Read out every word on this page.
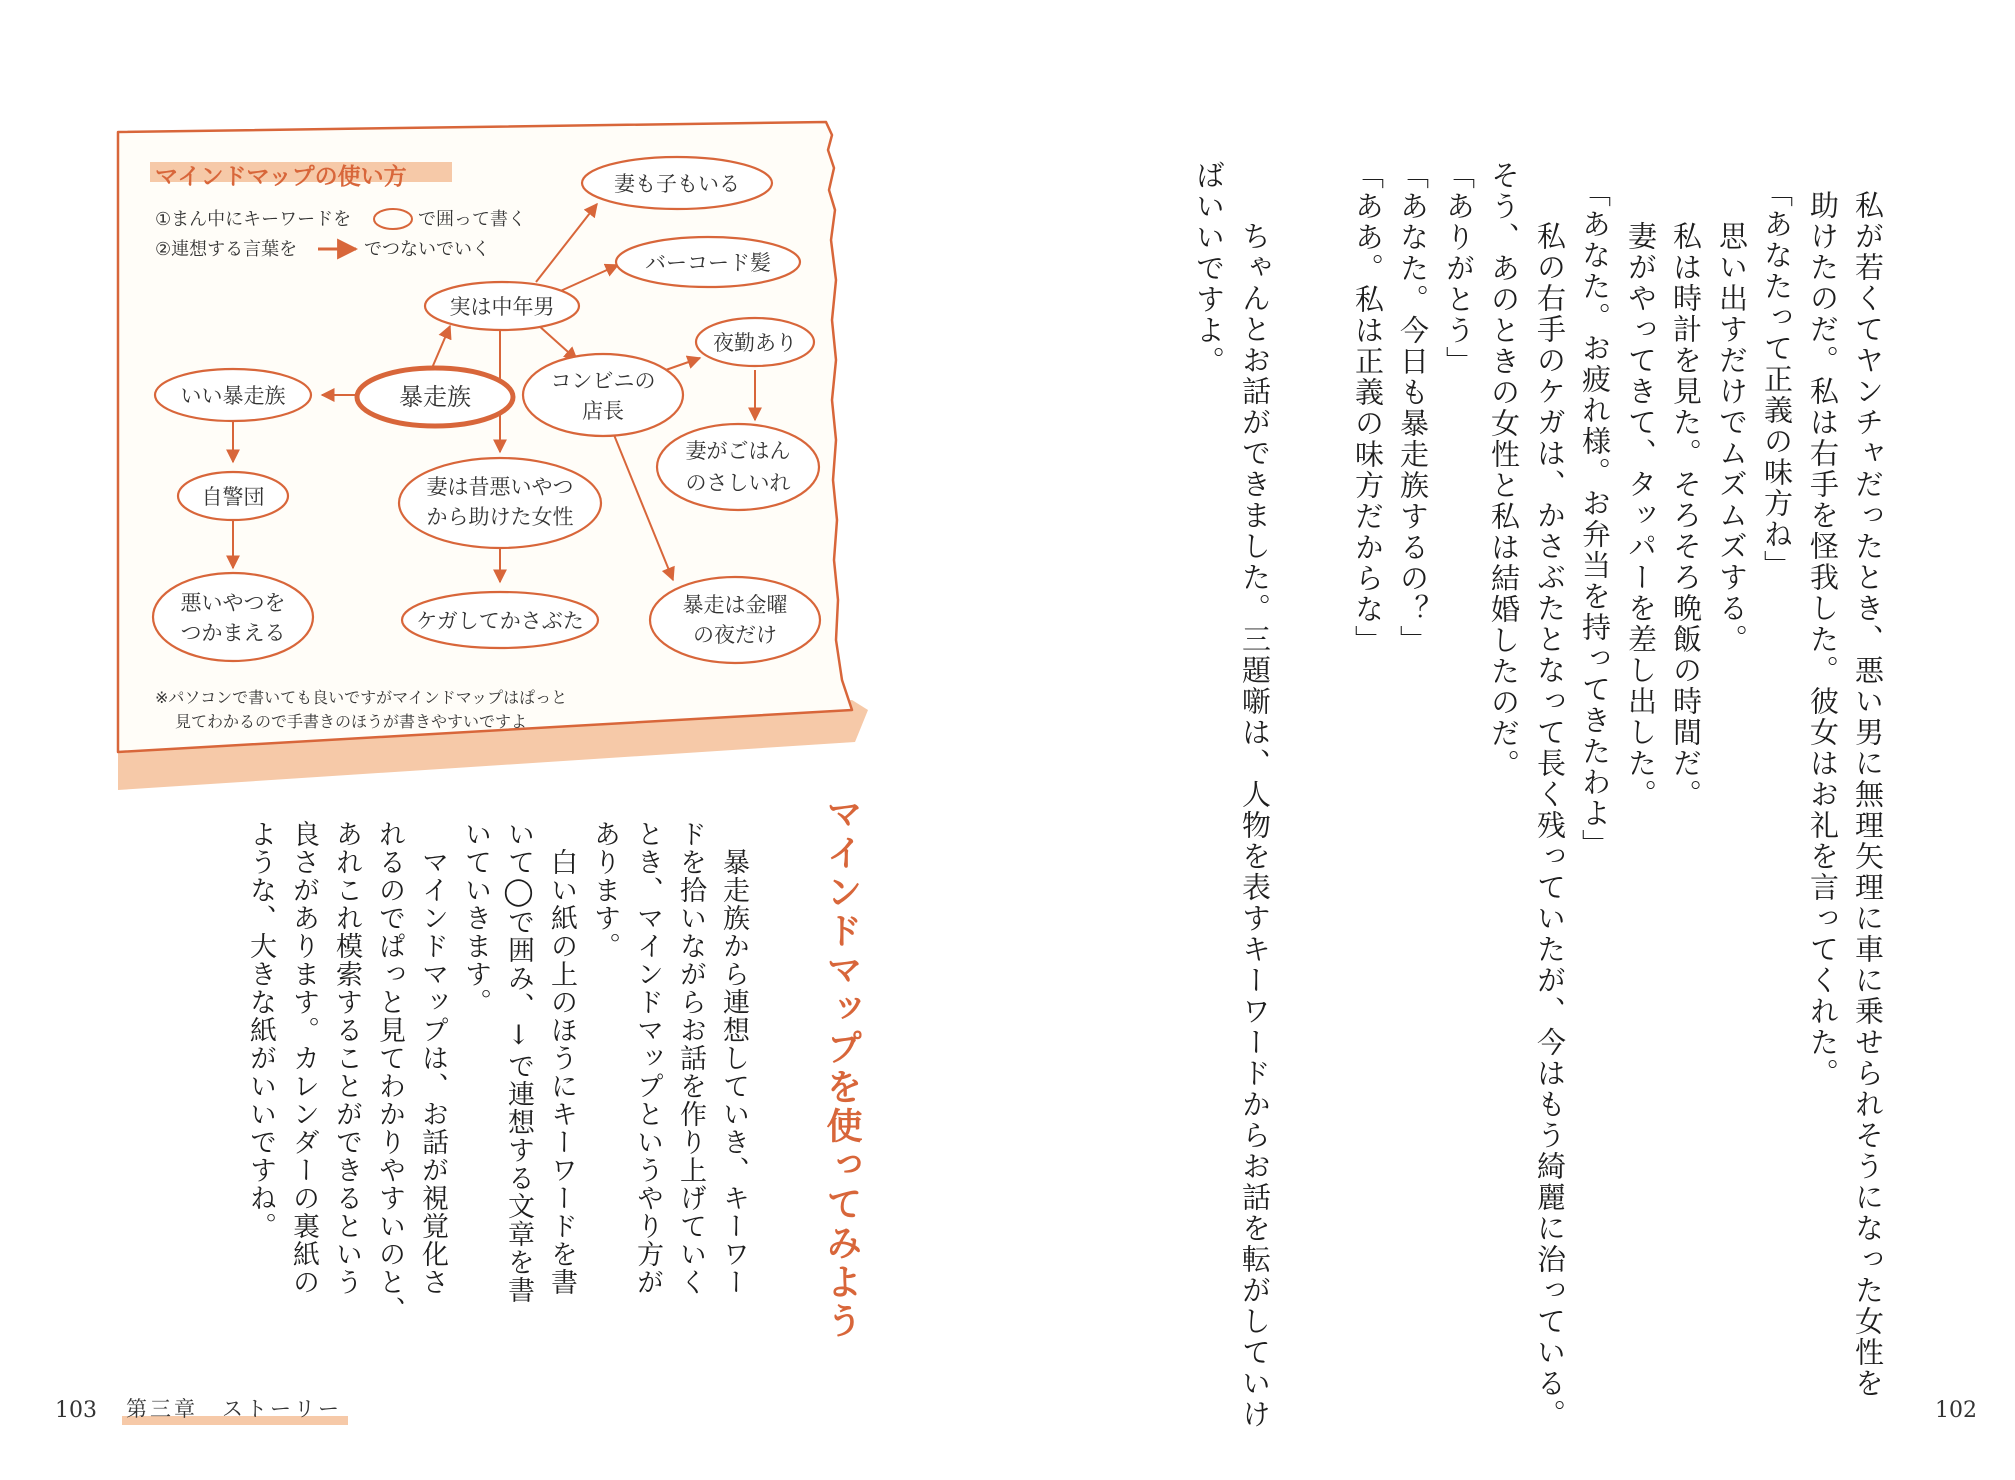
マインドマップの使い方
①まん中にキーワードを	で囲って書く
②連想する言葉を	でつないでいく
暴走族
いい暴走族
自警団
悪いやつを
つかまえる
実は中年男
妻も子もいる
バーコード髪
コンビニの
店長
夜勤あり
妻がごはん
のさしいれ
妻は昔悪いやつ
から助けた女性
ケガしてかさぶた
暴走は金曜
の夜だけ
※パソコンで書いても良いですがマインドマップはぱっと
見てわかるので手書きのほうが書きやすいですよ	私が若くてヤンチャだったとき、悪い男に無理矢理に車に乗せられそうになった女性を
助けたのだ。私は右手を怪我した。彼女はお礼を言ってくれた。
「あなたって正義の味方ね」
　思い出すだけでムズムズする。
　私は時計を見た。そろそろ晩飯の時間だ。
　妻がやってきて、タッパーを差し出した。
「あなた。お疲れ様。お弁当を持ってきたわよ」
　私の右手のケガは、かさぶたとなって長く残っていたが、今はもう綺麗に治っている。
そう、あのときの女性と私は結婚したのだ。
「ありがとう」
「あなた。今日も暴走族するの？」
「ああ。私は正義の味方だからな」
　ちゃんとお話ができました。三題噺は、人物を表すキーワードからお話を転がしていけ
ばいいですよ。
マインドマップを使ってみよう
　暴走族から連想していき、キーワー
ドを拾いながらお話を作り上げていく
とき、マインドマップというやり方が
あります。
　白い紙の上のほうにキーワードを書
いて◯で囲み、↓で連想する文章を書
いていきます。
　マインドマップは、お話が視覚化さ
れるのでぱっと見てわかりやすいのと、
あれこれ模索することができるという
良さがあります。カレンダーの裏紙の
ような、大きな紙がいいですね。
103 第三章　ストーリー	102
